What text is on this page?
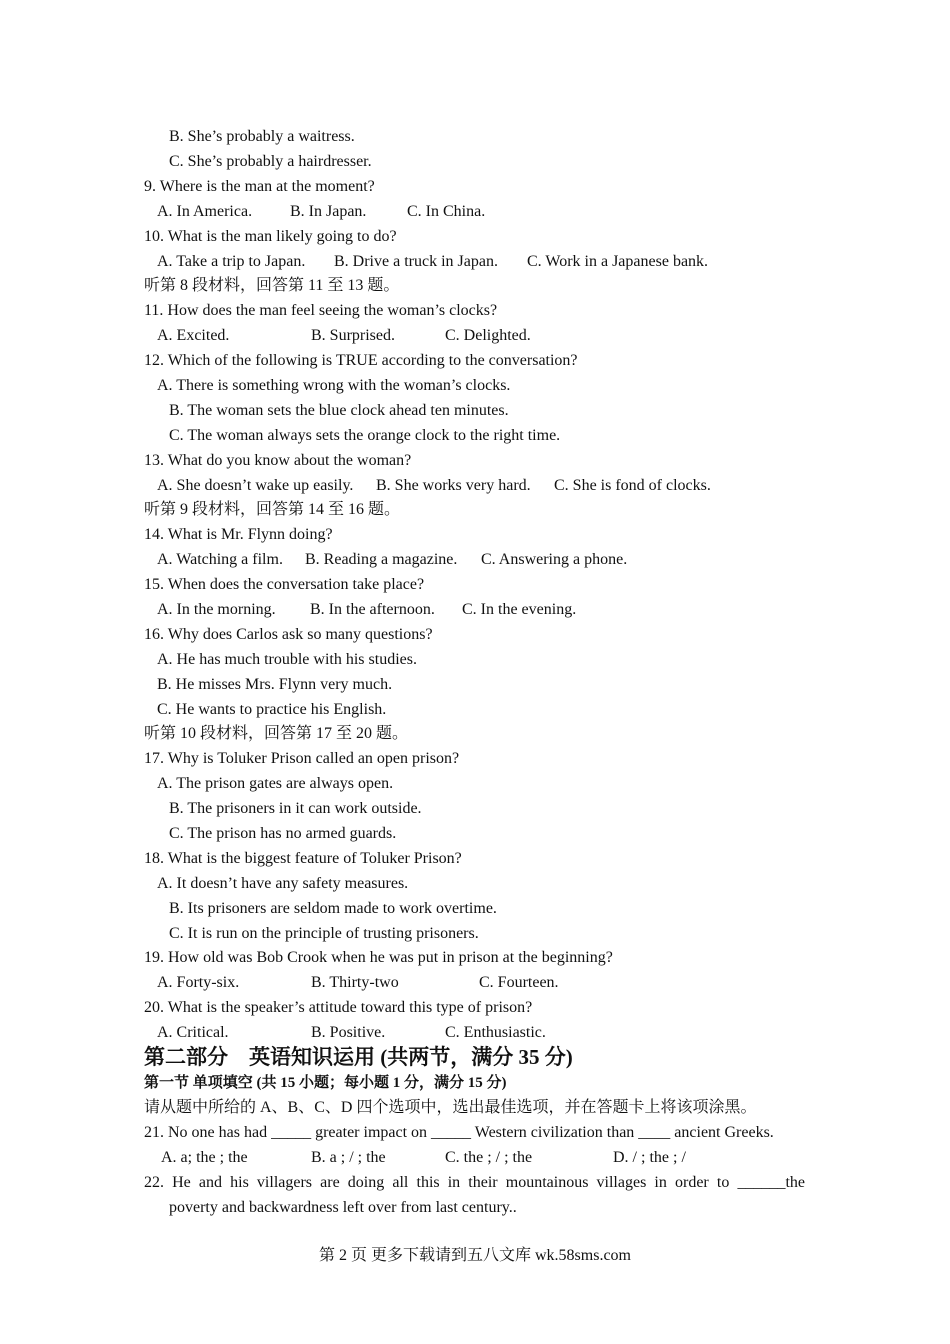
B. She’s probably a waitress.
C. She’s probably a hairdresser.
9. Where is the man at the moment?
A. In America. B. In Japan.	C. In China.
10. What is the man likely going to do?
A. Take a trip to Japan. B. Drive a truck in Japan. C. Work in a Japanese bank.
听第 8 段材料，回答第 11 至 13 题。
11. How does the man feel seeing the woman’s clocks?
A. Excited.	B. Surprised.	C. Delighted.
12. Which of the following is TRUE according to the conversation?
A. There is something wrong with the woman’s clocks.
B. The woman sets the blue clock ahead ten minutes.
C. The woman always sets the orange clock to the right time.
13. What do you know about the woman?
A. She doesn’t wake up easily. B. She works very hard. C. She is fond of clocks.
听第 9 段材料，回答第 14 至 16 题。
14. What is Mr. Flynn doing?
A. Watching a film. B. Reading a magazine. C. Answering a phone.
15. When does the conversation take place?
A. In the morning. B. In the afternoon. C. In the evening.
16. Why does Carlos ask so many questions?
A. He has much trouble with his studies.
B. He misses Mrs. Flynn very much.
C. He wants to practice his English.
听第 10 段材料，回答第 17 至 20 题。
17. Why is Toluker Prison called an open prison?
A. The prison gates are always open.
B. The prisoners in it can work outside.
C. The prison has no armed guards.
18. What is the biggest feature of Toluker Prison?
A. It doesn’t have any safety measures.
B. Its prisoners are seldom made to work overtime.
C. It is run on the principle of trusting prisoners.
19. How old was Bob Crook when he was put in prison at the beginning?
A. Forty-six.	B. Thirty-two	C. Fourteen.
20. What is the speaker’s attitude toward this type of prison?
A. Critical.	B. Positive.	C. Enthusiastic.
第二部分　英语知识运用 (共两节，满分 35 分)
第一节 单项填空 (共 15 小题；每小题 1 分，满分 15 分)
请从题中所给的 A、B、C、D 四个选项中，选出最佳选项，并在答题卡上将该项涂黑。
21. No one has had _____ greater impact on _____ Western civilization than ____ ancient Greeks.
A. a; the ; the	B. a ; / ; the	C. the ; / ; the	D. / ; the ; /
22. He and his villagers are doing all this in their mountainous villages in order to ______the
poverty and backwardness left over from last century..
第 2 页 更多下载请到五八文库 wk.58sms.com
